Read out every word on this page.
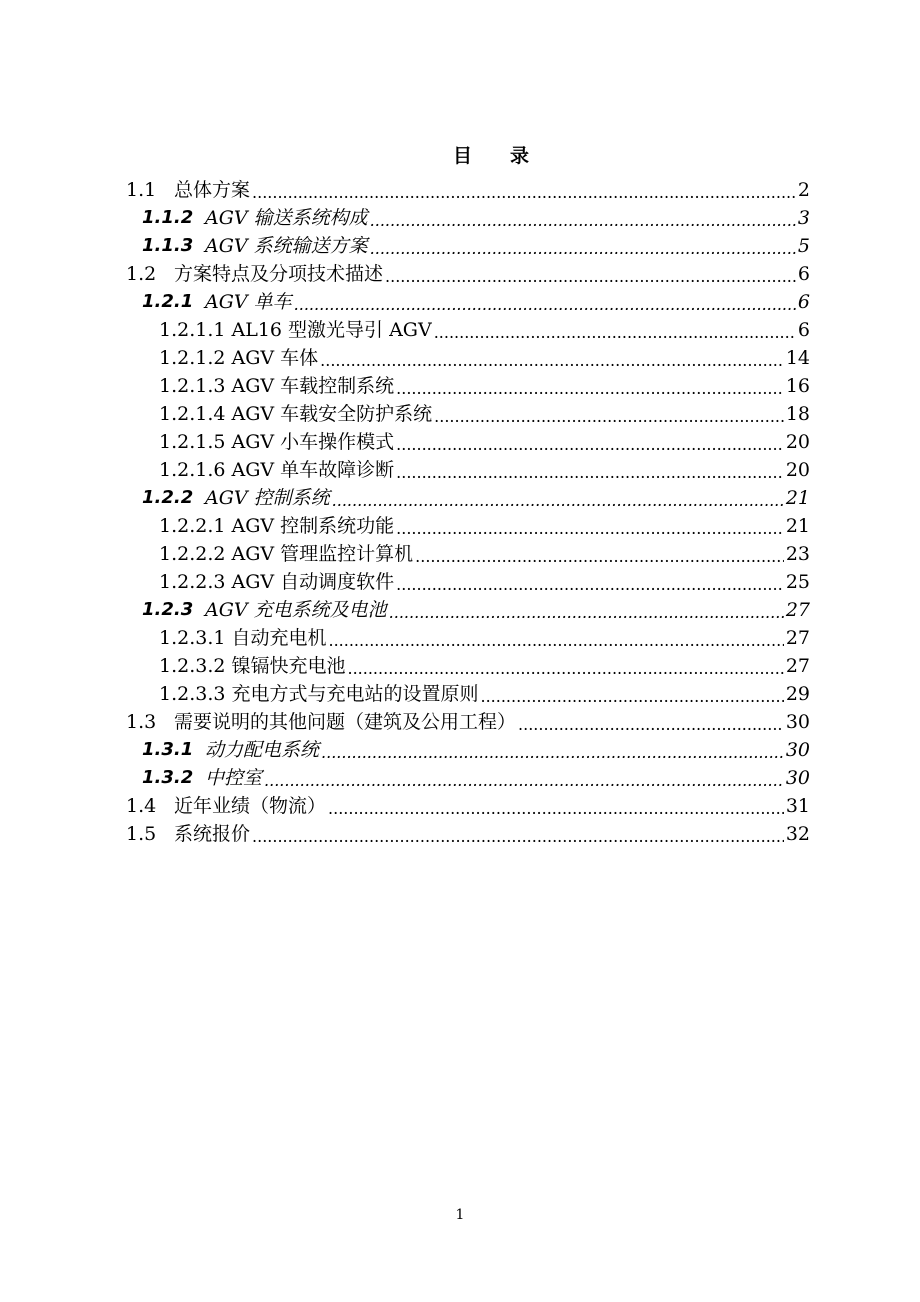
目 录
1.1 总体方案 .....	2
1.1.2 AGV 输送系统构成 .....	3
1.1.3 AGV 系统输送方案 .....	5
1.2 方案特点及分项技术描述 .....	6
1.2.1 AGV 单车 .....	6
1.2.1.1 AL16 型激光导引 AGV .....	6
1.2.1.2 AGV 车体 .....	14
1.2.1.3 AGV 车载控制系统 .....	16
1.2.1.4 AGV 车载安全防护系统 .....	18
1.2.1.5 AGV 小车操作模式 .....	20
1.2.1.6 AGV 单车故障诊断 .....	20
1.2.2 AGV 控制系统 .....	21
1.2.2.1 AGV 控制系统功能 .....	21
1.2.2.2 AGV 管理监控计算机 .....	23
1.2.2.3 AGV 自动调度软件 .....	25
1.2.3 AGV 充电系统及电池 .....	27
1.2.3.1 自动充电机 .....	27
1.2.3.2 镍镉快充电池 .....	27
1.2.3.3 充电方式与充电站的设置原则 .....	29
1.3 需要说明的其他问题（建筑及公用工程） .....	30
1.3.1 动力配电系统 .....	30
1.3.2 中控室 .....	30
1.4 近年业绩（物流） .....	31
1.5 系统报价 .....	32
1
